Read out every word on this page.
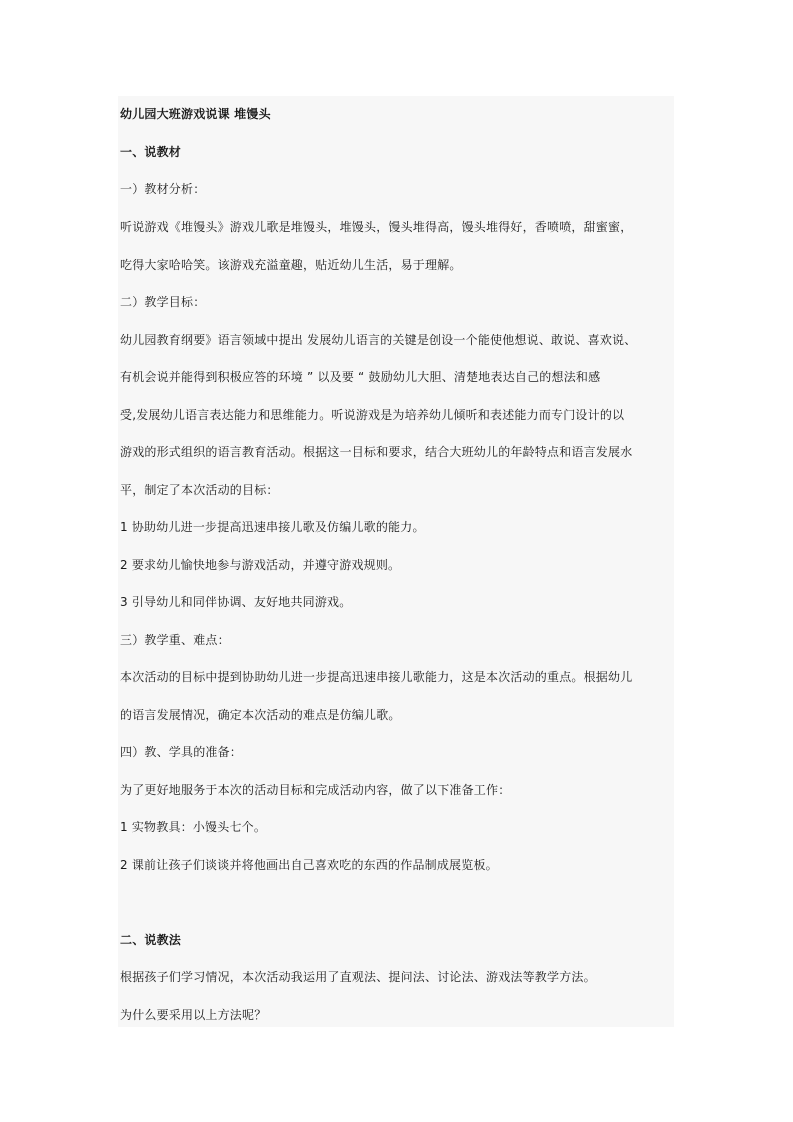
幼儿园大班游戏说课 堆馒头
一、说教材
一）教材分析：
听说游戏《堆馒头》游戏儿歌是堆馒头，堆馒头，馒头堆得高，馒头堆得好，香喷喷，甜蜜蜜，
吃得大家哈哈笑。该游戏充溢童趣，贴近幼儿生活，易于理解。
二）教学目标：
幼儿园教育纲要》语言领域中提出 发展幼儿语言的关键是创设一个能使他想说、敢说、喜欢说、
有机会说并能得到积极应答的环境 ” 以及要 “ 鼓励幼儿大胆、清楚地表达自己的想法和感
受,发展幼儿语言表达能力和思维能力。听说游戏是为培养幼儿倾听和表述能力而专门设计的以
游戏的形式组织的语言教育活动。根据这一目标和要求，结合大班幼儿的年龄特点和语言发展水
平，制定了本次活动的目标：
1 协助幼儿进一步提高迅速串接儿歌及仿编儿歌的能力。
2 要求幼儿愉快地参与游戏活动，并遵守游戏规则。
3 引导幼儿和同伴协调、友好地共同游戏。
三）教学重、难点：
本次活动的目标中提到协助幼儿进一步提高迅速串接儿歌能力，这是本次活动的重点。根据幼儿
的语言发展情况，确定本次活动的难点是仿编儿歌。
四）教、学具的准备：
为了更好地服务于本次的活动目标和完成活动内容，做了以下准备工作：
1 实物教具：小馒头七个。
2 课前让孩子们谈谈并将他画出自己喜欢吃的东西的作品制成展览板。
二、说教法
根据孩子们学习情况，本次活动我运用了直观法、提问法、讨论法、游戏法等教学方法。
为什么要采用以上方法呢？
